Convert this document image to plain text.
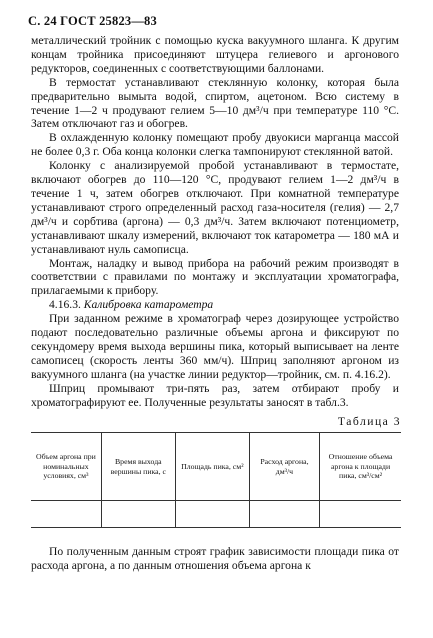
С. 24 ГОСТ 25823—83

металлический тройник с помощью куска вакуумного шланга. К другим концам тройника присоединяют штуцера гелиевого и аргонового редукторов, соединенных с соответствующими баллонами.

В термостат устанавливают стеклянную колонку, которая была предварительно вымыта водой, спиртом, ацетоном. Всю систему в течение 1—2 ч продувают гелием 5—10 дм³/ч при температуре 110 °С. Затем отключают газ и обогрев.

В охлажденную колонку помещают пробу двуокиси марганца массой не более 0,3 г. Оба конца колонки слегка тампонируют стеклянной ватой.

Колонку с анализируемой пробой устанавливают в термостате, включают обогрев до 110—120 °С, продувают гелием 1—2 дм³/ч в течение 1 ч, затем обогрев отключают. При комнатной температуре устанавливают строго определенный расход газа-носителя (гелия) — 2,7 дм³/ч и сорбтива (аргона) — 0,3 дм³/ч. Затем включают потенциометр, устанавливают шкалу измерений, включают ток катарометра — 180 мА и устанавливают нуль самописца.

Монтаж, наладку и вывод прибора на рабочий режим производят в соответствии с правилами по монтажу и эксплуатации хроматографа, прилагаемыми к прибору.

4.16.3. Калибровка катарометра

При заданном режиме в хроматограф через дозирующее устройство подают последовательно различные объемы аргона и фиксируют по секундомеру время выхода вершины пика, который выписывает на ленте самописец (скорость ленты 360 мм/ч). Шприц заполняют аргоном из вакуумного шланга (на участке линии редуктор—тройник, см. п. 4.16.2).

Шприц промывают три-пять раз, затем отбирают пробу и хроматографируют ее. Полученные результаты заносят в табл.3.

Таблица 3
Объем аргона при номинальных условиях, см³	Время выхода вершины пика, с	Площадь пика, см²	Расход аргона, дм³/ч	Отношение объема аргона к площади пика, см³/см²

По полученным данным строят график зависимости площади пика от расхода аргона, а по данным отношения объема аргона к
